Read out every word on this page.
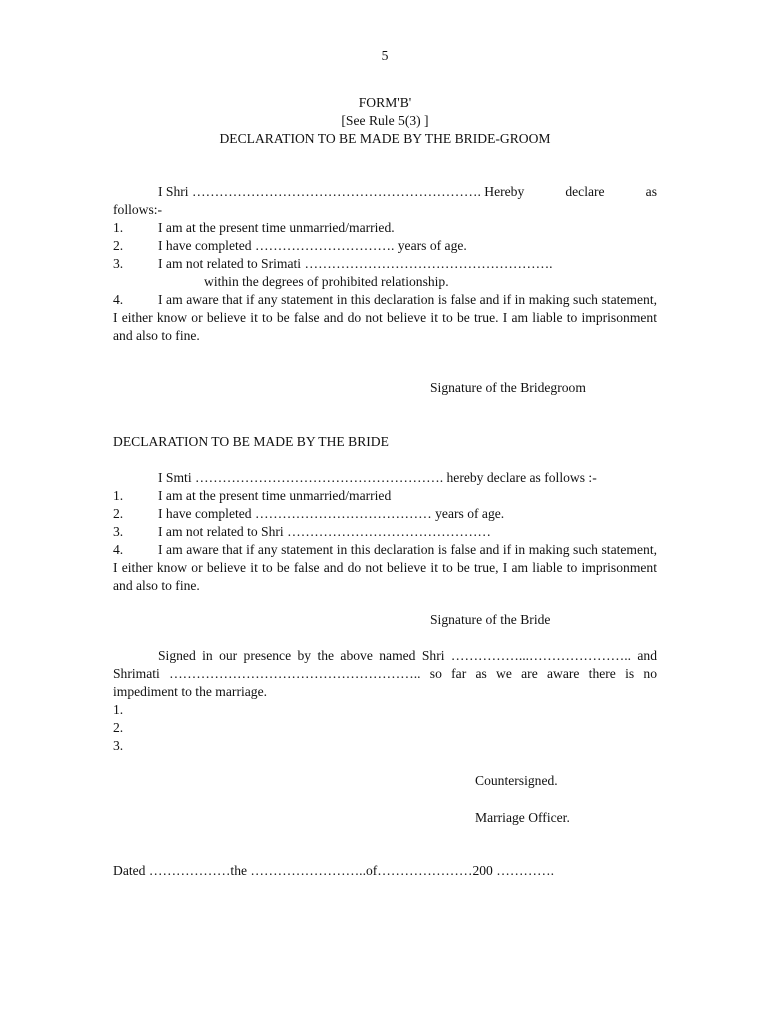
5
FORM'B'
[See Rule 5(3) ]
DECLARATION TO BE MADE BY THE BRIDE-GROOM
I Shri ………………………………………………………. Hereby	declare	as
follows:-
1.	I am at the present time unmarried/married.
2.	I have completed …………………………. years of age.
3.	I am not related to Srimati ……………………………………………….
within the degrees of prohibited relationship.
4.	I am aware that if any statement in this declaration is false and if in making such statement, I either know or believe it to be false and do not believe it to be true. I am liable to imprisonment and also to fine.
Signature of the Bridegroom
DECLARATION TO BE MADE BY THE BRIDE
I Smti ………………………………………………. hereby declare as follows :-
1.	I am at the present time unmarried/married
2.	I have completed ………………………………… years of age.
3.	I am not related to Shri ………………………………………
4.	I am aware that if any statement in this declaration is false and if in making such statement, I either know or believe it to be false and do not believe it to be true, I am liable to imprisonment and also to fine.
Signature of the Bride
Signed in our presence by the above named Shri ……………...………………….. and Shrimati ……………………………………………….. so far as we are aware there is no impediment to the marriage.
1.
2.
3.
Countersigned.
Marriage Officer.
Dated ………………the ……………………..of…………………200 ………….
